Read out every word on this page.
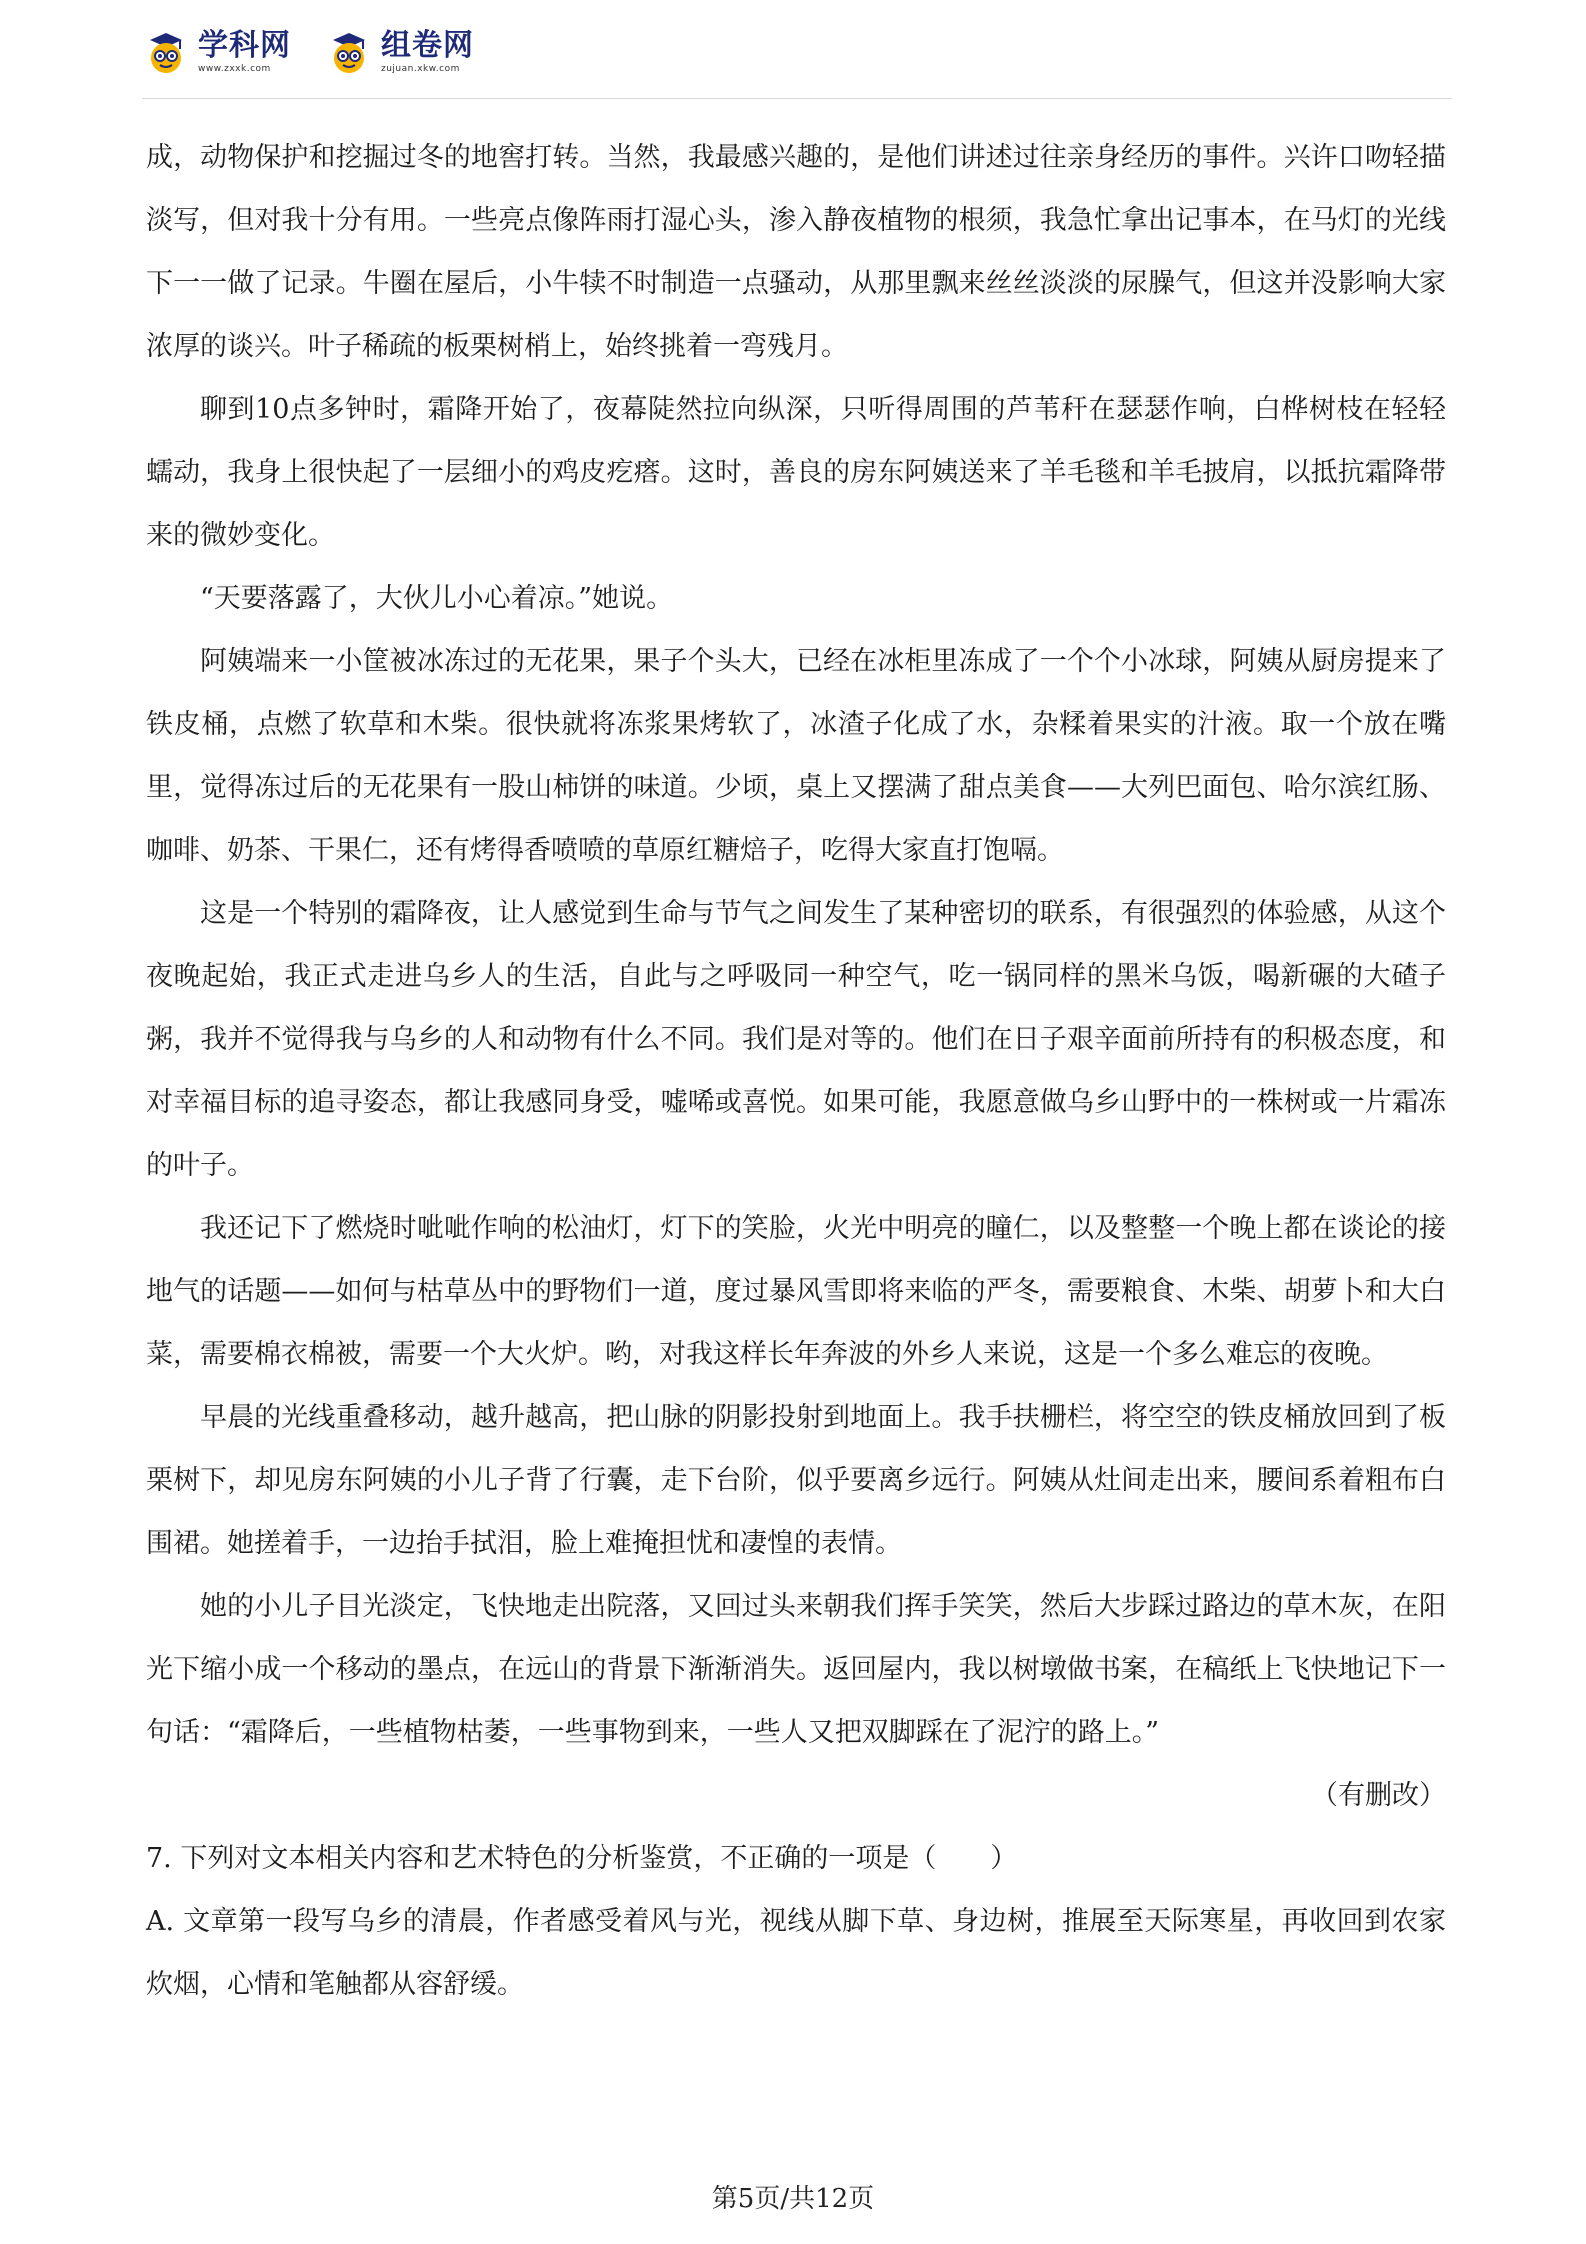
学科网
www.zxxk.com
组卷网
zujuan.xkw.com

成，动物保护和挖掘过冬的地窖打转。当然，我最感兴趣的，是他们讲述过往亲身经历的事件。兴许口吻轻描淡写，但对我十分有用。一些亮点像阵雨打湿心头，渗入静夜植物的根须，我急忙拿出记事本，在马灯的光线下一一做了记录。牛圈在屋后，小牛犊不时制造一点骚动，从那里飘来丝丝淡淡的尿臊气，但这并没影响大家浓厚的谈兴。叶子稀疏的板栗树梢上，始终挑着一弯残月。

聊到10点多钟时，霜降开始了，夜幕陡然拉向纵深，只听得周围的芦苇秆在瑟瑟作响，白桦树枝在轻轻蠕动，我身上很快起了一层细小的鸡皮疙瘩。这时，善良的房东阿姨送来了羊毛毯和羊毛披肩，以抵抗霜降带来的微妙变化。

“天要落露了，大伙儿小心着凉。”她说。

阿姨端来一小筐被冰冻过的无花果，果子个头大，已经在冰柜里冻成了一个个小冰球，阿姨从厨房提来了铁皮桶，点燃了软草和木柴。很快就将冻浆果烤软了，冰渣子化成了水，杂糅着果实的汁液。取一个放在嘴里，觉得冻过后的无花果有一股山柿饼的味道。少顷，桌上又摆满了甜点美食——大列巴面包、哈尔滨红肠、咖啡、奶茶、干果仁，还有烤得香喷喷的草原红糖焙子，吃得大家直打饱嗝。

这是一个特别的霜降夜，让人感觉到生命与节气之间发生了某种密切的联系，有很强烈的体验感，从这个夜晚起始，我正式走进乌乡人的生活，自此与之呼吸同一种空气，吃一锅同样的黑米乌饭，喝新碾的大碴子粥，我并不觉得我与乌乡的人和动物有什么不同。我们是对等的。他们在日子艰辛面前所持有的积极态度，和对幸福目标的追寻姿态，都让我感同身受，嘘唏或喜悦。如果可能，我愿意做乌乡山野中的一株树或一片霜冻的叶子。

我还记下了燃烧时呲呲作响的松油灯，灯下的笑脸，火光中明亮的瞳仁，以及整整一个晚上都在谈论的接地气的话题——如何与枯草丛中的野物们一道，度过暴风雪即将来临的严冬，需要粮食、木柴、胡萝卜和大白菜，需要棉衣棉被，需要一个大火炉。哟，对我这样长年奔波的外乡人来说，这是一个多么难忘的夜晚。

早晨的光线重叠移动，越升越高，把山脉的阴影投射到地面上。我手扶栅栏，将空空的铁皮桶放回到了板栗树下，却见房东阿姨的小儿子背了行囊，走下台阶，似乎要离乡远行。阿姨从灶间走出来，腰间系着粗布白围裙。她搓着手，一边抬手拭泪，脸上难掩担忧和凄惶的表情。

她的小儿子目光淡定，飞快地走出院落，又回过头来朝我们挥手笑笑，然后大步踩过路边的草木灰，在阳光下缩小成一个移动的墨点，在远山的背景下渐渐消失。返回屋内，我以树墩做书案，在稿纸上飞快地记下一句话：“霜降后，一些植物枯萎，一些事物到来，一些人又把双脚踩在了泥泞的路上。”

（有删改）

7. 下列对文本相关内容和艺术特色的分析鉴赏，不正确的一项是（　　）

A. 文章第一段写乌乡的清晨，作者感受着风与光，视线从脚下草、身边树，推展至天际寒星，再收回到农家炊烟，心情和笔触都从容舒缓。

第5页/共12页
